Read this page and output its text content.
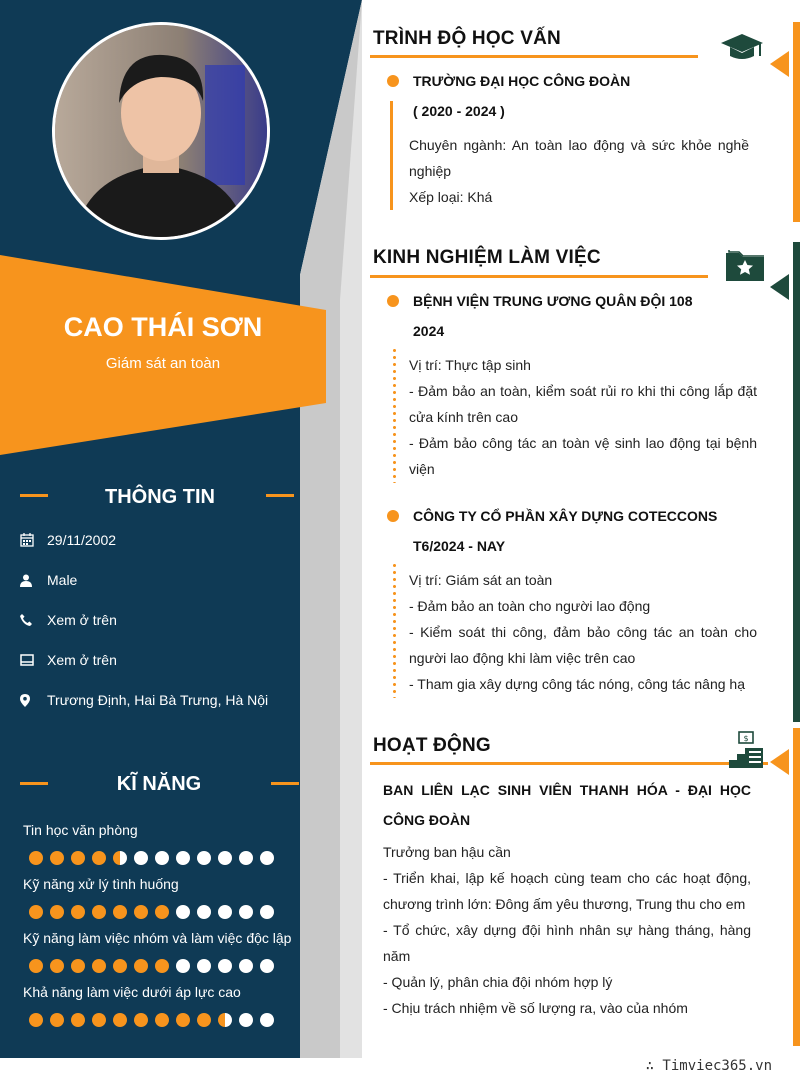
CAO THÁI SƠN
Giám sát an toàn
THÔNG TIN
29/11/2002
Male
Xem ở trên
Xem ở trên
Trương Định, Hai Bà Trưng, Hà Nội
KĨ NĂNG
Tin học văn phòng
Kỹ năng xử lý tình huống
Kỹ năng làm việc nhóm và làm việc độc lập
Khả năng làm việc dưới áp lực cao
TRÌNH ĐỘ HỌC VẤN
TRƯỜNG ĐẠI HỌC CÔNG ĐOÀN
( 2020 - 2024 )
Chuyên ngành: An toàn lao động và sức khỏe nghề nghiệp
Xếp loại: Khá
KINH NGHIỆM LÀM VIỆC
BỆNH VIỆN TRUNG ƯƠNG QUÂN ĐỘI 108
2024
Vị trí: Thực tập sinh
- Đảm bảo an toàn, kiểm soát rủi ro khi thi công lắp đặt cửa kính trên cao
- Đảm bảo công tác an toàn vệ sinh lao động tại bệnh viện
CÔNG TY CỔ PHẦN XÂY DỰNG COTECCONS
T6/2024 - NAY
Vị trí: Giám sát an toàn
- Đảm bảo an toàn cho người lao động
- Kiểm soát thi công, đảm bảo công tác an toàn cho người lao động khi làm việc trên cao
- Tham gia xây dựng công tác nóng, công tác nâng hạ
HOẠT ĐỘNG	$
BAN LIÊN LẠC SINH VIÊN THANH HÓA - ĐẠI HỌC CÔNG ĐOÀN
Trưởng ban hậu cần
- Triển khai, lập kế hoạch cùng team cho các hoạt động, chương trình lớn: Đông ấm yêu thương, Trung thu cho em
- Tổ chức, xây dựng đội hình nhân sự hàng tháng, hàng năm
- Quản lý, phân chia đội nhóm hợp lý
- Chịu trách nhiệm về số lượng ra, vào của nhóm
∴ Timviec365.vn
